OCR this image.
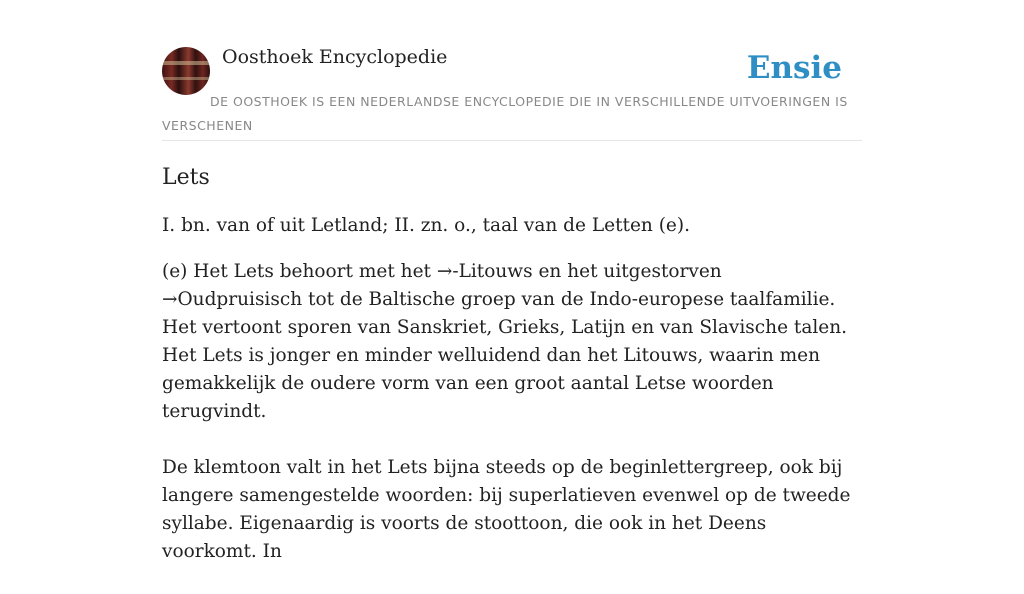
Oosthoek Encyclopedie	Ensie

DE OOSTHOEK IS EEN NEDERLANDSE ENCYCLOPEDIE DIE IN VERSCHILLENDE UITVOERINGEN IS VERSCHENEN

Lets

I. bn. van of uit Letland; II. zn. o., taal van de Letten (e).

(e) Het Lets behoort met het →-Litouws en het uitgestorven →Oudpruisisch tot de Baltische groep van de Indo-europese taalfamilie. Het vertoont sporen van Sanskriet, Grieks, Latijn en van Slavische talen. Het Lets is jonger en minder welluidend dan het Litouws, waarin men gemakkelijk de oudere vorm van een groot aantal Letse woorden terugvindt.

De klemtoon valt in het Lets bijna steeds op de beginlettergreep, ook bij langere samengestelde woorden: bij superlatieven evenwel op de tweede syllabe. Eigenaardig is voorts de stoottoon, die ook in het Deens voorkomt. In
